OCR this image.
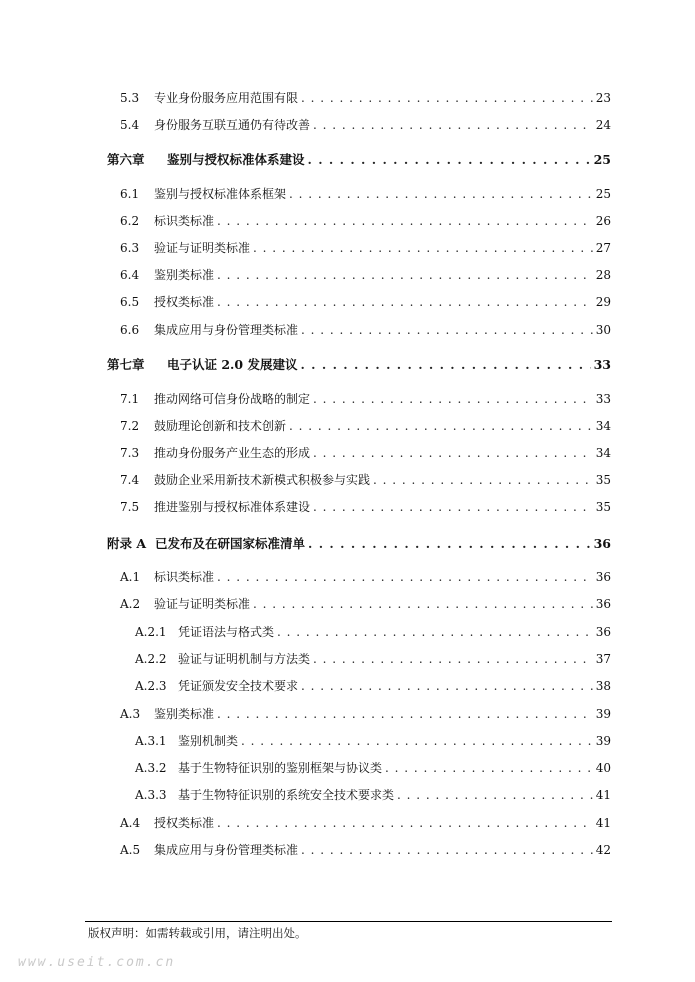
5.3	专业身份服务应用范围有限 . . .	23
5.4	身份服务互联互通仍有待改善 . . .	24
第六章	鉴别与授权标准体系建设 . . .	25
6.1	鉴别与授权标准体系框架 . . .	25
6.2	标识类标准 . . .	26
6.3	验证与证明类标准 . . .	27
6.4	鉴别类标准 . . .	28
6.5	授权类标准 . . .	29
6.6	集成应用与身份管理类标准 . . .	30
第七章	电子认证 2.0 发展建议 . . .	33
7.1	推动网络可信身份战略的制定 . . .	33
7.2	鼓励理论创新和技术创新 . . .	34
7.3	推动身份服务产业生态的形成 . . .	34
7.4	鼓励企业采用新技术新模式积极参与实践 . . .	35
7.5	推进鉴别与授权标准体系建设 . . .	35
附录 A 已发布及在研国家标准清单 . . .	36
A.1	标识类标准 . . .	36
A.2	验证与证明类标准 . . .	36
A.2.1 凭证语法与格式类 . . .	36
A.2.2 验证与证明机制与方法类 . . .	37
A.2.3 凭证颁发安全技术要求 . . .	38
A.3	鉴别类标准 . . .	39
A.3.1 鉴别机制类 . . .	39
A.3.2 基于生物特征识别的鉴别框架与协议类 . . .	40
A.3.3 基于生物特征识别的系统安全技术要求类 . . .	41
A.4	授权类标准 . . .	41
A.5	集成应用与身份管理类标准 . . .	42
版权声明：如需转载或引用，请注明出处。
www.useit.com.cn
